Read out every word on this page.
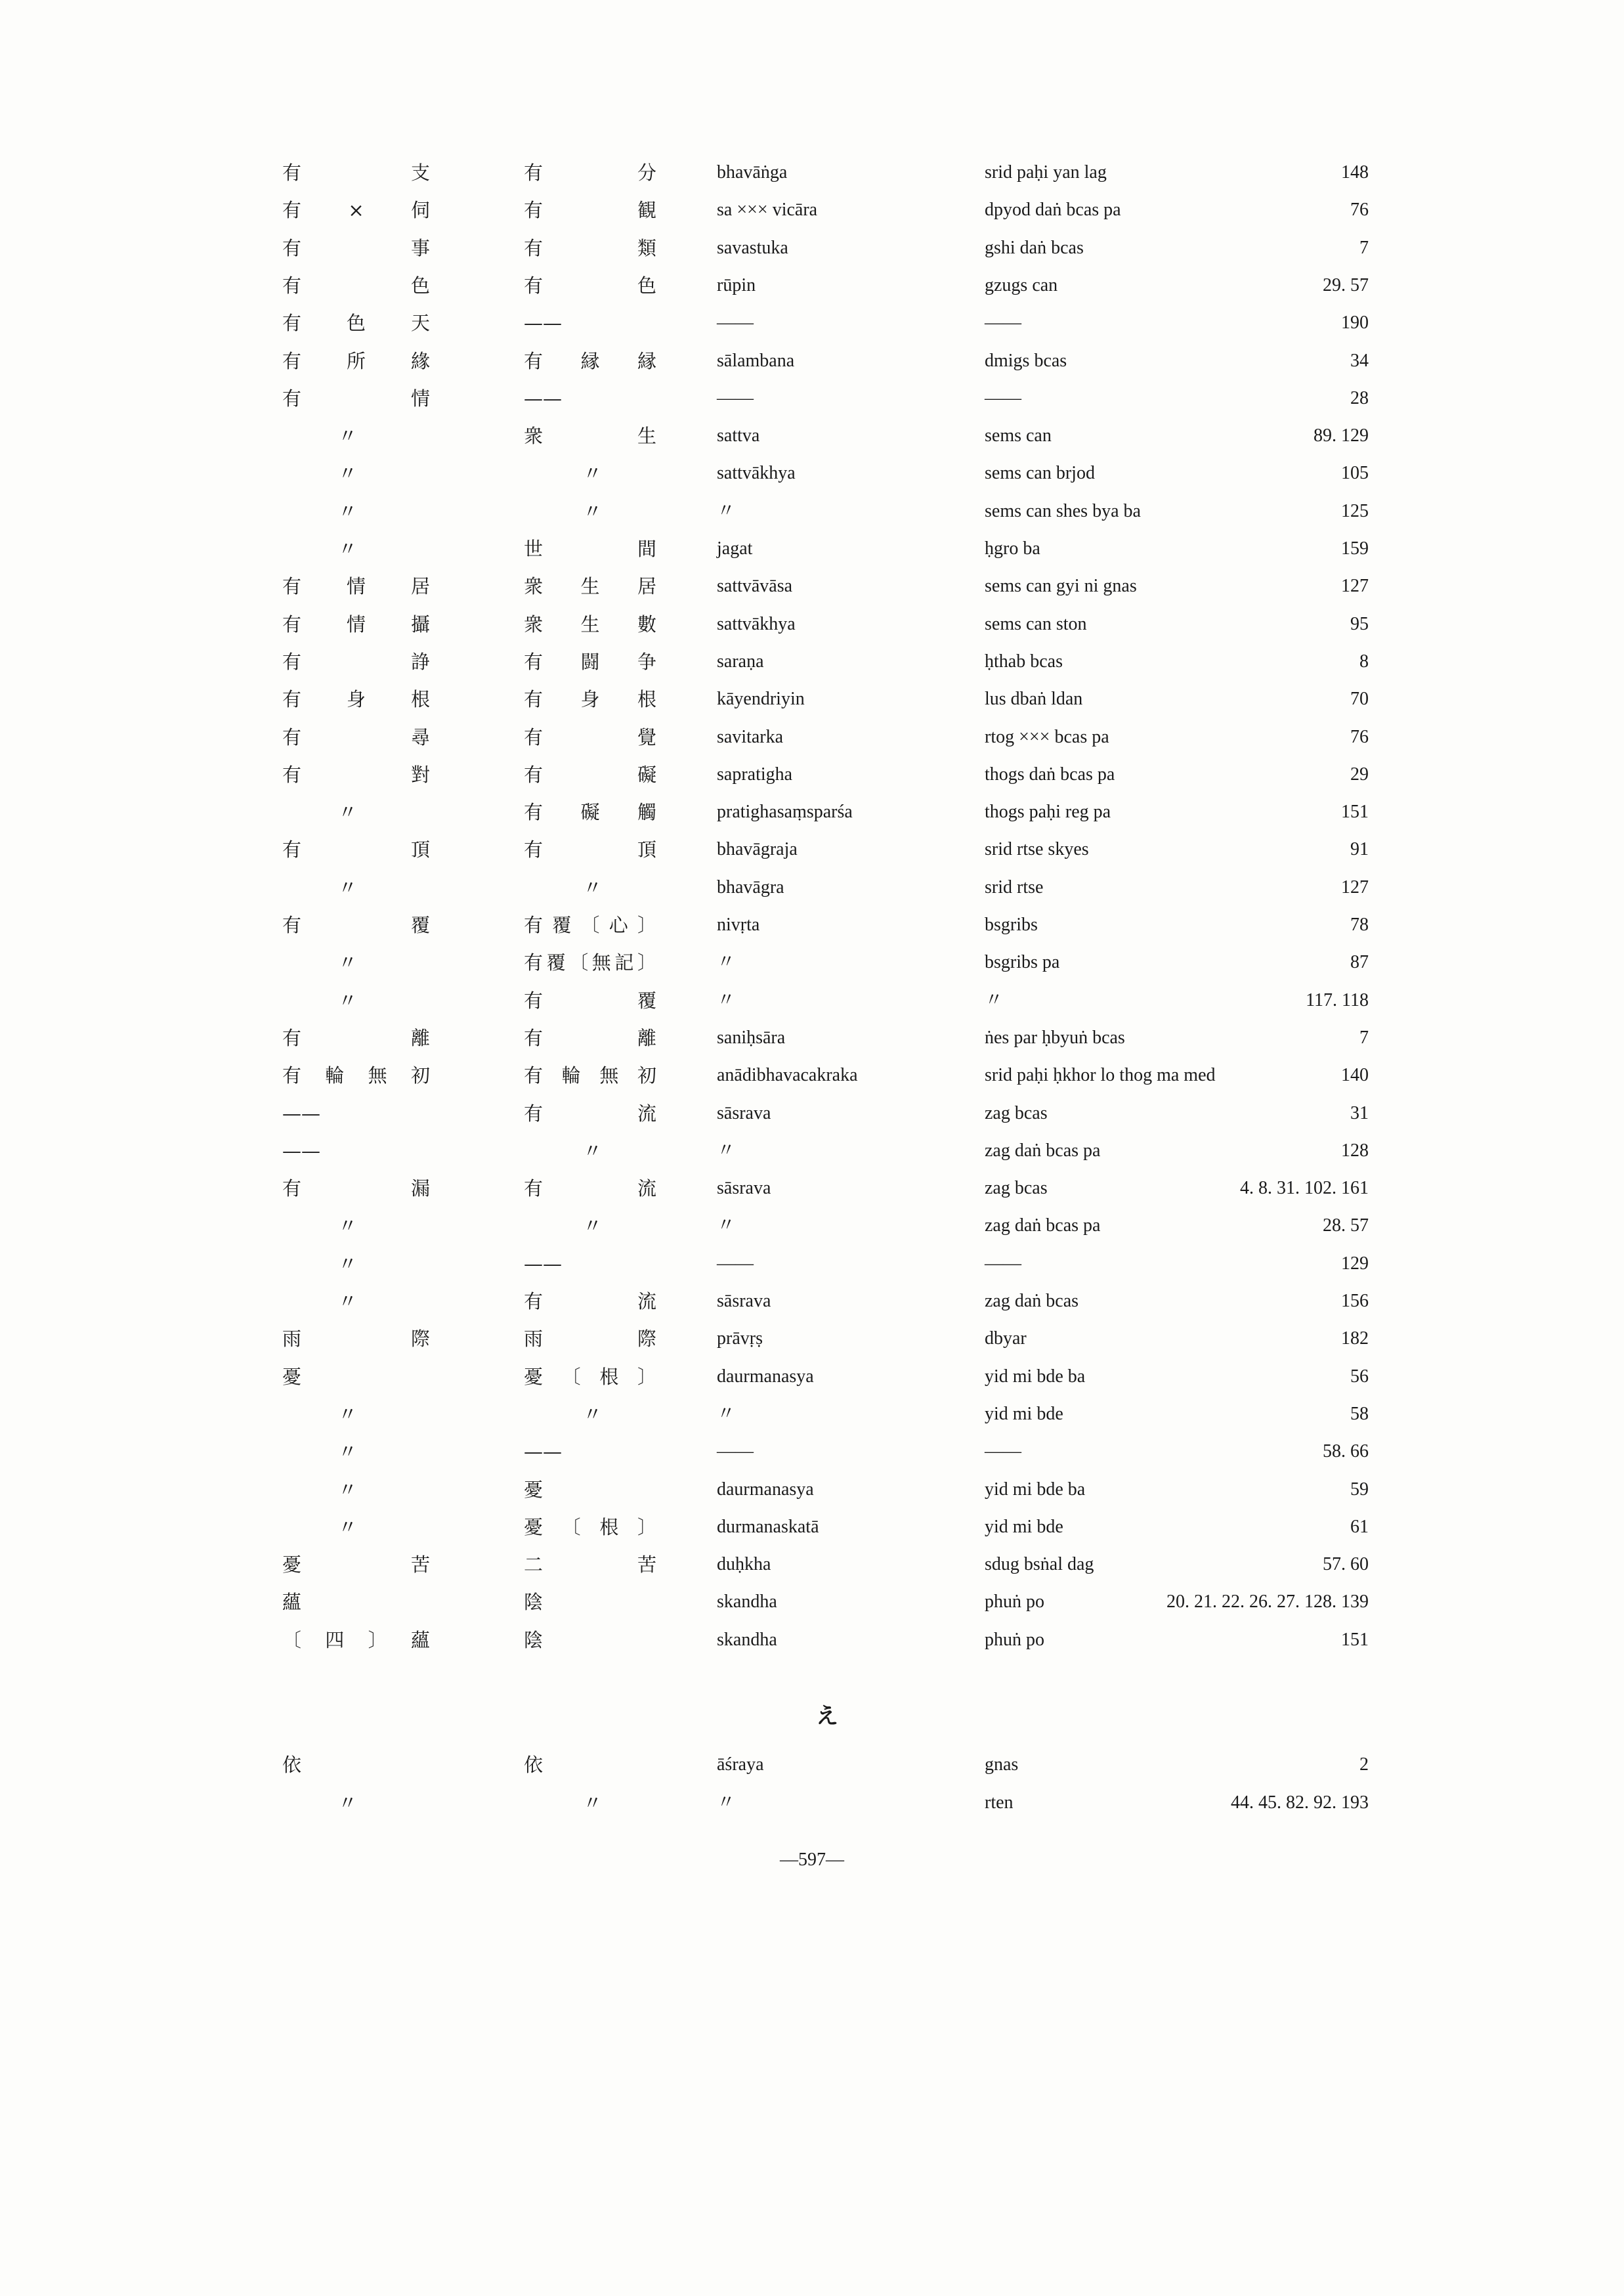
有支	有分	bhavāṅga	srid paḥi yan lag	148
有×伺	有観	sa ××× vicāra	dpyod daṅ bcas pa	76
有事	有類	savastuka	gshi daṅ bcas	7
有色	有色	rūpin	gzugs can	29. 57
有色天	——	——	——	190
有所緣	有縁縁	sālambana	dmigs bcas	34
有情	——	——	——	28
〃	衆生	sattva	sems can	89. 129
〃	〃	sattvākhya	sems can brjod	105
〃	〃	〃	sems can shes bya ba	125
〃	世間	jagat	ḥgro ba	159
有情居	衆生居	sattvāvāsa	sems can gyi ni gnas	127
有情攝	衆生數	sattvākhya	sems can ston	95
有諍	有闘争	saraṇa	ḥthab bcas	8
有身根	有身根	kāyendriyin	lus dbaṅ ldan	70
有尋	有覺	savitarka	rtog ××× bcas pa	76
有對	有礙	sapratigha	thogs daṅ bcas pa	29
〃	有礙觸	pratighasaṃsparśa	thogs paḥi reg pa	151
有頂	有頂	bhavāgraja	srid rtse skyes	91
〃	〃	bhavāgra	srid rtse	127
有覆	有覆〔心〕	nivṛta	bsgribs	78
〃	有覆〔無記〕	〃	bsgribs pa	87
〃	有覆	〃	〃	117. 118
有離	有離	saniḥsāra	ṅes par ḥbyuṅ bcas	7
有輪無初	有輪無初	anādibhavacakraka	srid paḥi ḥkhor lo thog ma med	140
——	有流	sāsrava	zag bcas	31
——	〃	〃	zag daṅ bcas pa	128
有漏	有流	sāsrava	zag bcas	4. 8. 31. 102. 161
〃	〃	〃	zag daṅ bcas pa	28. 57
〃	——	——	——	129
〃	有流	sāsrava	zag daṅ bcas	156
雨際	雨際	prāvṛṣ	dbyar	182
憂	憂〔根〕	daurmanasya	yid mi bde ba	56
〃	〃	〃	yid mi bde	58
〃	——	——	——	58. 66
〃	憂	daurmanasya	yid mi bde ba	59
〃	憂〔根〕	durmanaskatā	yid mi bde	61
憂苦	二苦	duḥkha	sdug bsṅal dag	57. 60
蘊	陰	skandha	phuṅ po	20. 21. 22. 26. 27. 128. 139
〔四〕蘊	陰	skandha	phuṅ po	151
え
依	依	āśraya	gnas	2
〃	〃	〃	rten	44. 45. 82. 92. 193
—597—
